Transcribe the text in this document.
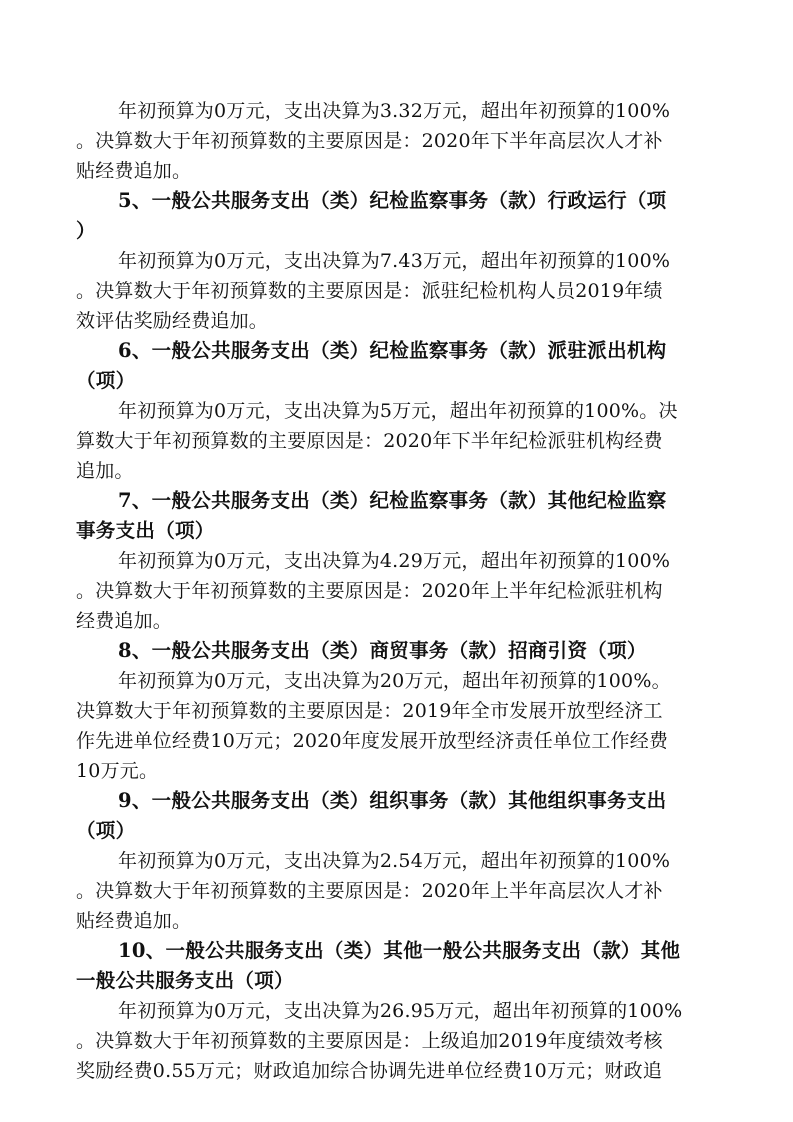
年初预算为0万元，支出决算为3.32万元，超出年初预算的100%
。决算数大于年初预算数的主要原因是：2020年下半年高层次人才补
贴经费追加。

5、一般公共服务支出（类）纪检监察事务（款）行政运行（项
）

年初预算为0万元，支出决算为7.43万元，超出年初预算的100%
。决算数大于年初预算数的主要原因是：派驻纪检机构人员2019年绩
效评估奖励经费追加。

6、一般公共服务支出（类）纪检监察事务（款）派驻派出机构
（项）

年初预算为0万元，支出决算为5万元，超出年初预算的100%。决
算数大于年初预算数的主要原因是：2020年下半年纪检派驻机构经费
追加。

7、一般公共服务支出（类）纪检监察事务（款）其他纪检监察
事务支出（项）

年初预算为0万元，支出决算为4.29万元，超出年初预算的100%
。决算数大于年初预算数的主要原因是：2020年上半年纪检派驻机构
经费追加。

8、一般公共服务支出（类）商贸事务（款）招商引资（项）

年初预算为0万元，支出决算为20万元，超出年初预算的100%。
决算数大于年初预算数的主要原因是：2019年全市发展开放型经济工
作先进单位经费10万元；2020年度发展开放型经济责任单位工作经费
10万元。

9、一般公共服务支出（类）组织事务（款）其他组织事务支出
（项）

年初预算为0万元，支出决算为2.54万元，超出年初预算的100%
。决算数大于年初预算数的主要原因是：2020年上半年高层次人才补
贴经费追加。

10、一般公共服务支出（类）其他一般公共服务支出（款）其他
一般公共服务支出（项）

年初预算为0万元，支出决算为26.95万元，超出年初预算的100%
。决算数大于年初预算数的主要原因是：上级追加2019年度绩效考核
奖励经费0.55万元；财政追加综合协调先进单位经费10万元；财政追
